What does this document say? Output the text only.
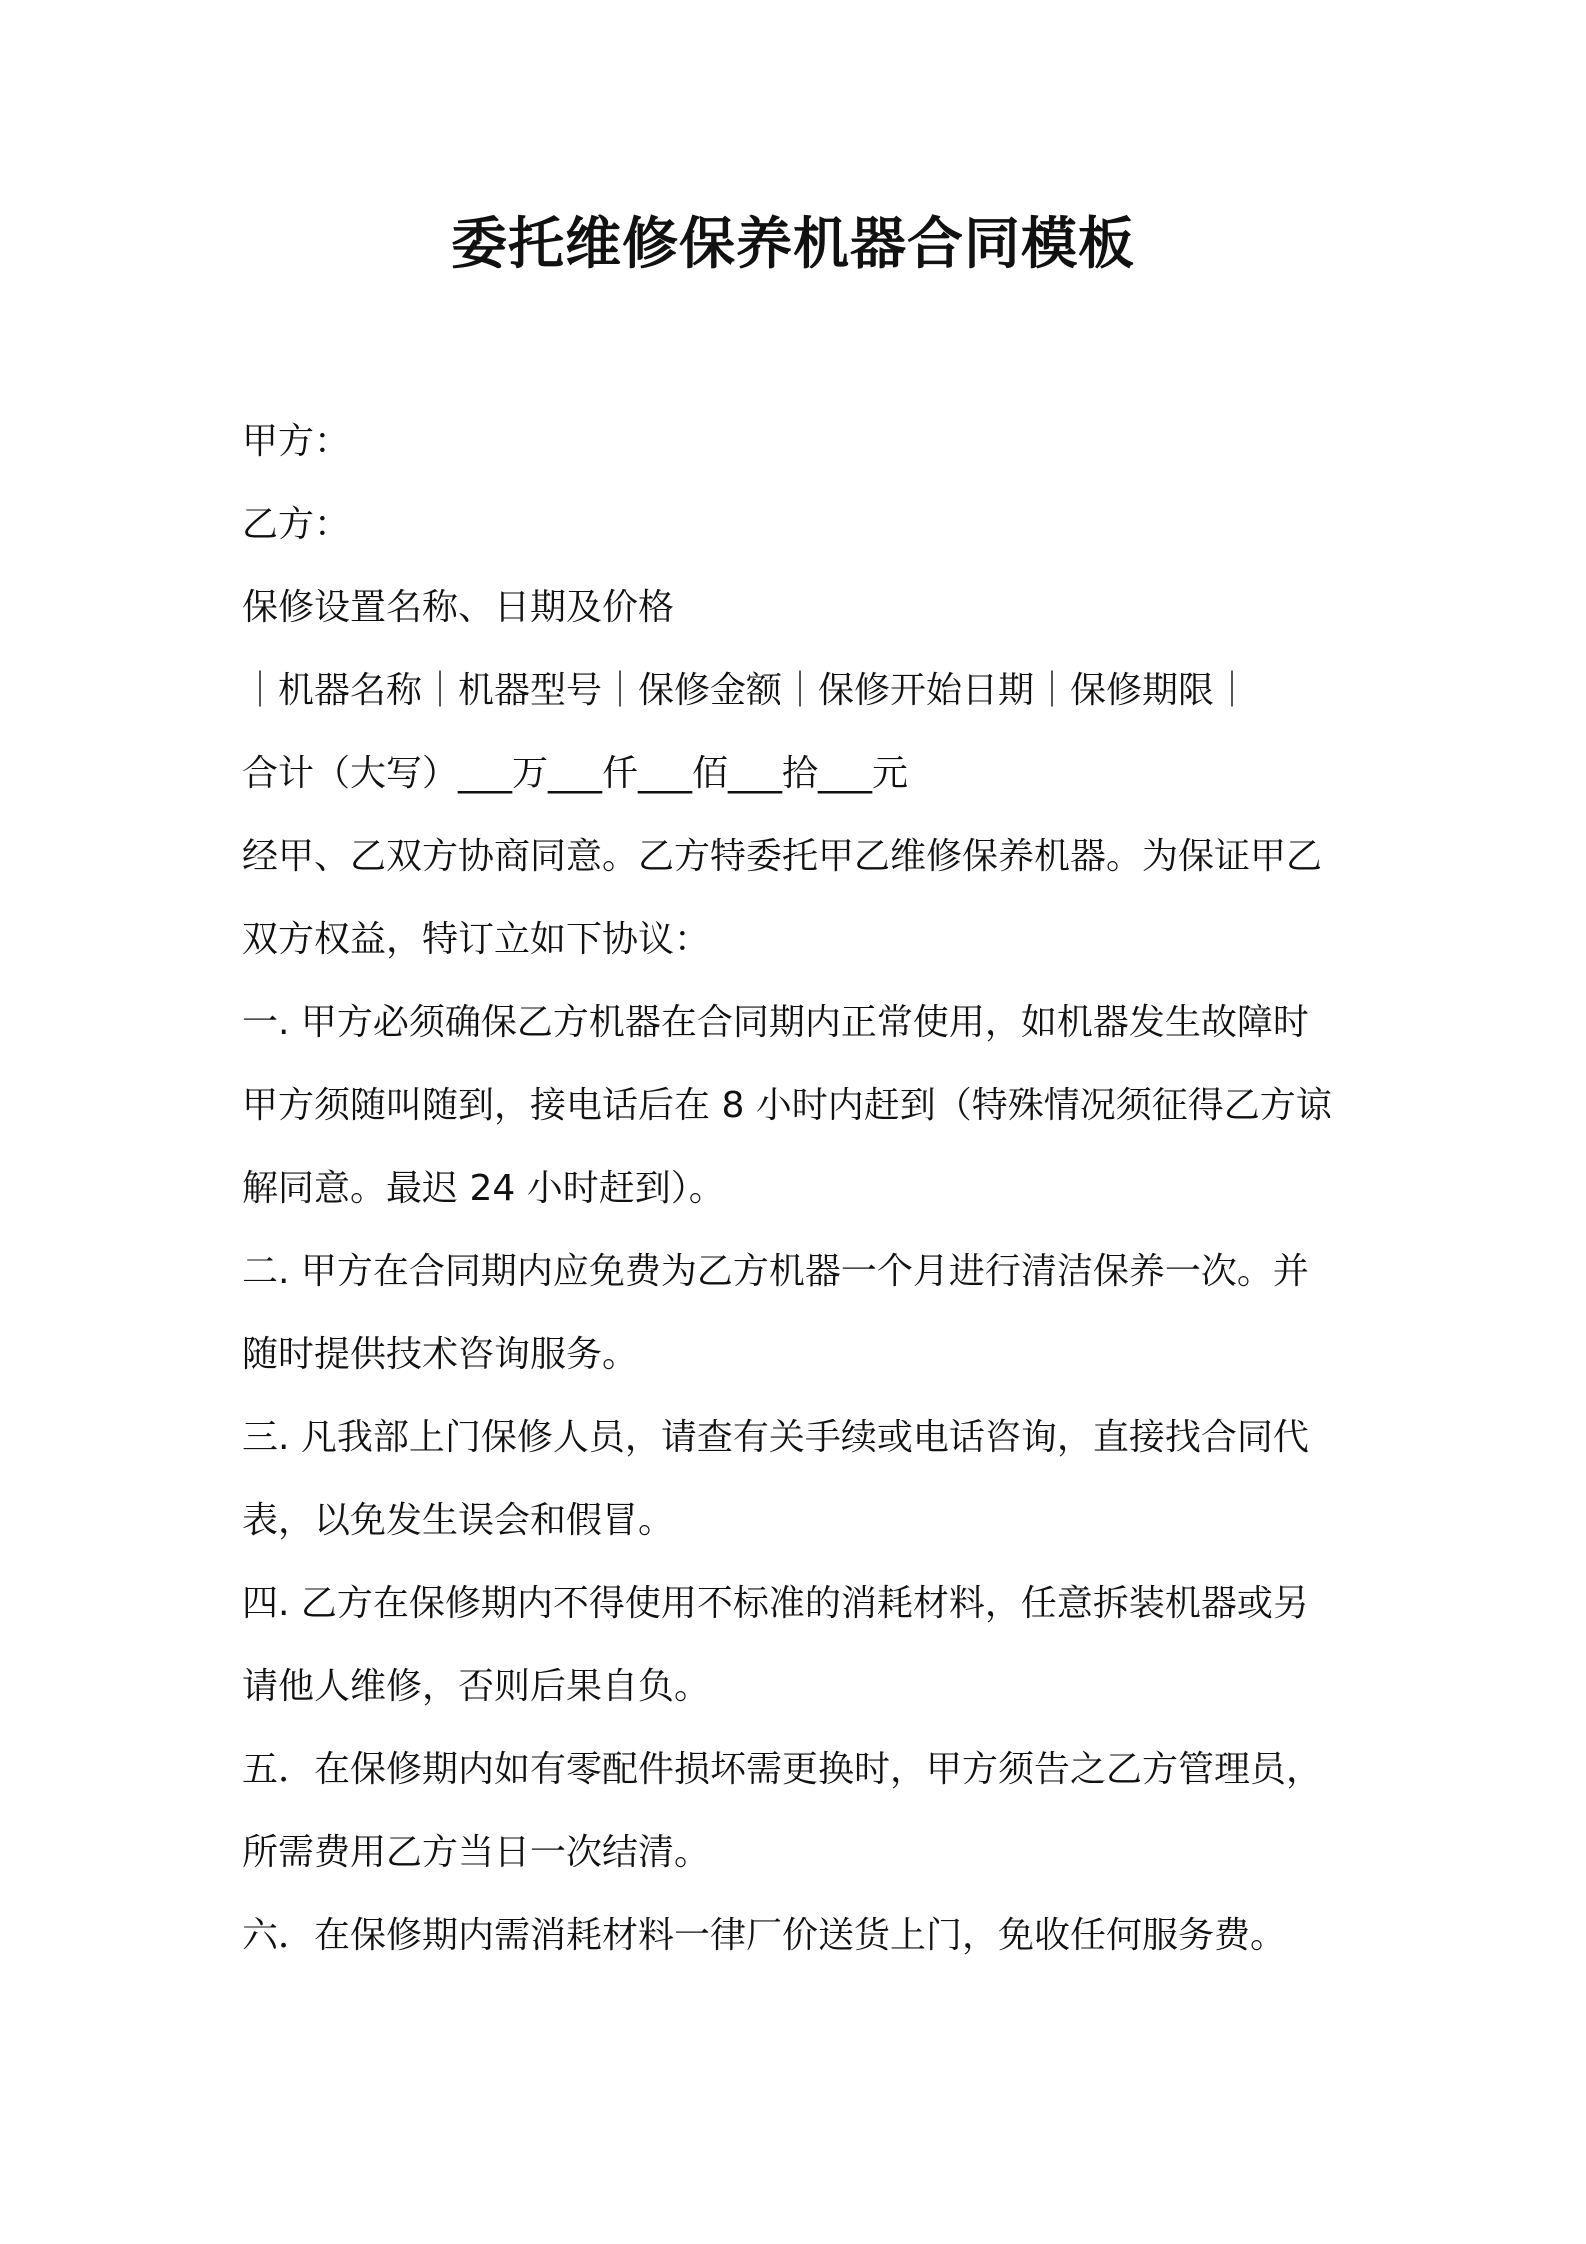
委托维修保养机器合同模板
甲方：
乙方：
保修设置名称、日期及价格
｜机器名称｜机器型号｜保修金额｜保修开始日期｜保修期限｜
合计（大写）___万___仟___佰___拾___元
经甲、乙双方协商同意。乙方特委托甲乙维修保养机器。为保证甲乙
双方权益，特订立如下协议：
一. 甲方必须确保乙方机器在合同期内正常使用，如机器发生故障时
甲方须随叫随到，接电话后在 8 小时内赶到（特殊情况须征得乙方谅
解同意。最迟 24 小时赶到）。
二. 甲方在合同期内应免费为乙方机器一个月进行清洁保养一次。并
随时提供技术咨询服务。
三. 凡我部上门保修人员，请查有关手续或电话咨询，直接找合同代
表，以免发生误会和假冒。
四. 乙方在保修期内不得使用不标准的消耗材料，任意拆装机器或另
请他人维修，否则后果自负。
五．在保修期内如有零配件损坏需更换时，甲方须告之乙方管理员，
所需费用乙方当日一次结清。
六．在保修期内需消耗材料一律厂价送货上门，免收任何服务费。
